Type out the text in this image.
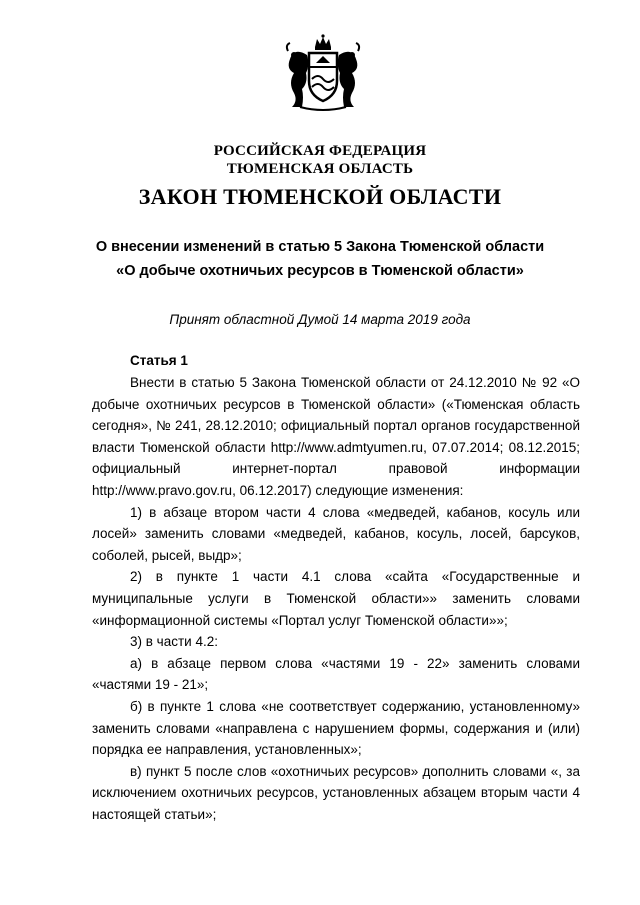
РОССИЙСКАЯ ФЕДЕРАЦИЯ
ТЮМЕНСКАЯ ОБЛАСТЬ
ЗАКОН ТЮМЕНСКОЙ ОБЛАСТИ
О внесении изменений в статью 5 Закона Тюменской области
«О добыче охотничьих ресурсов в Тюменской области»
Принят областной Думой 14 марта 2019 года
Статья 1

Внести в статью 5 Закона Тюменской области от 24.12.2010 № 92 «О добыче охотничьих ресурсов в Тюменской области» («Тюменская область сегодня», № 241, 28.12.2010; официальный портал органов государственной власти Тюменской области http://www.admtyumen.ru, 07.07.2014; 08.12.2015; официальный интернет-портал правовой информации http://www.pravo.gov.ru, 06.12.2017) следующие изменения:

1) в абзаце втором части 4 слова «медведей, кабанов, косуль или лосей» заменить словами «медведей, кабанов, косуль, лосей, барсуков, соболей, рысей, выдр»;

2) в пункте 1 части 4.1 слова «сайта «Государственные и муниципальные услуги в Тюменской области»» заменить словами «информационной системы «Портал услуг Тюменской области»»;

3) в части 4.2:

а) в абзаце первом слова «частями 19 - 22» заменить словами «частями 19 - 21»;

б) в пункте 1 слова «не соответствует содержанию, установленному» заменить словами «направлена с нарушением формы, содержания и (или) порядка ее направления, установленных»;

в) пункт 5 после слов «охотничьих ресурсов» дополнить словами «, за исключением охотничьих ресурсов, установленных абзацем вторым части 4 настоящей статьи»;
